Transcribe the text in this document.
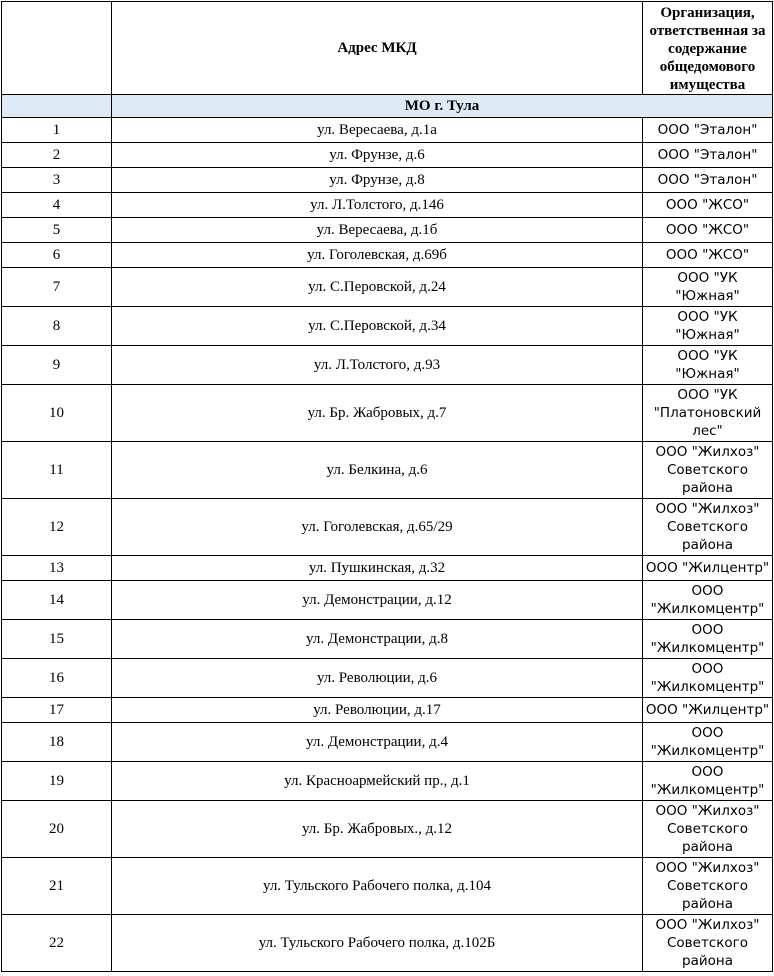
	Адрес МКД	Организация, ответственная за содержание общедомового имущества
	МО г. Тула	
1	ул. Вересаева, д.1а	ООО "Эталон"
2	ул. Фрунзе, д.6	ООО "Эталон"
3	ул. Фрунзе, д.8	ООО "Эталон"
4	ул. Л.Толстого, д.146	ООО "ЖСО"
5	ул. Вересаева, д.1б	ООО "ЖСО"
6	ул. Гоголевская, д.69б	ООО "ЖСО"
7	ул. С.Перовской, д.24	ООО "УК "Южная"
8	ул. С.Перовской, д.34	ООО "УК "Южная"
9	ул. Л.Толстого, д.93	ООО "УК "Южная"
10	ул. Бр. Жабровых, д.7	ООО "УК "Платоновский лес"
11	ул. Белкина, д.6	ООО "Жилхоз" Советского района
12	ул. Гоголевская, д.65/29	ООО "Жилхоз" Советского района
13	ул. Пушкинская, д.32	ООО "Жилцентр"
14	ул. Демонстрации, д.12	ООО "Жилкомцентр"
15	ул. Демонстрации, д.8	ООО "Жилкомцентр"
16	ул. Революции, д.6	ООО "Жилкомцентр"
17	ул. Революции, д.17	ООО "Жилцентр"
18	ул. Демонстрации, д.4	ООО "Жилкомцентр"
19	ул. Красноармейский пр., д.1	ООО "Жилкомцентр"
20	ул. Бр. Жабровых., д.12	ООО "Жилхоз" Советского района
21	ул. Тульского Рабочего полка, д.104	ООО "Жилхоз" Советского района
22	ул. Тульского Рабочего полка, д.102Б	ООО "Жилхоз" Советского района
